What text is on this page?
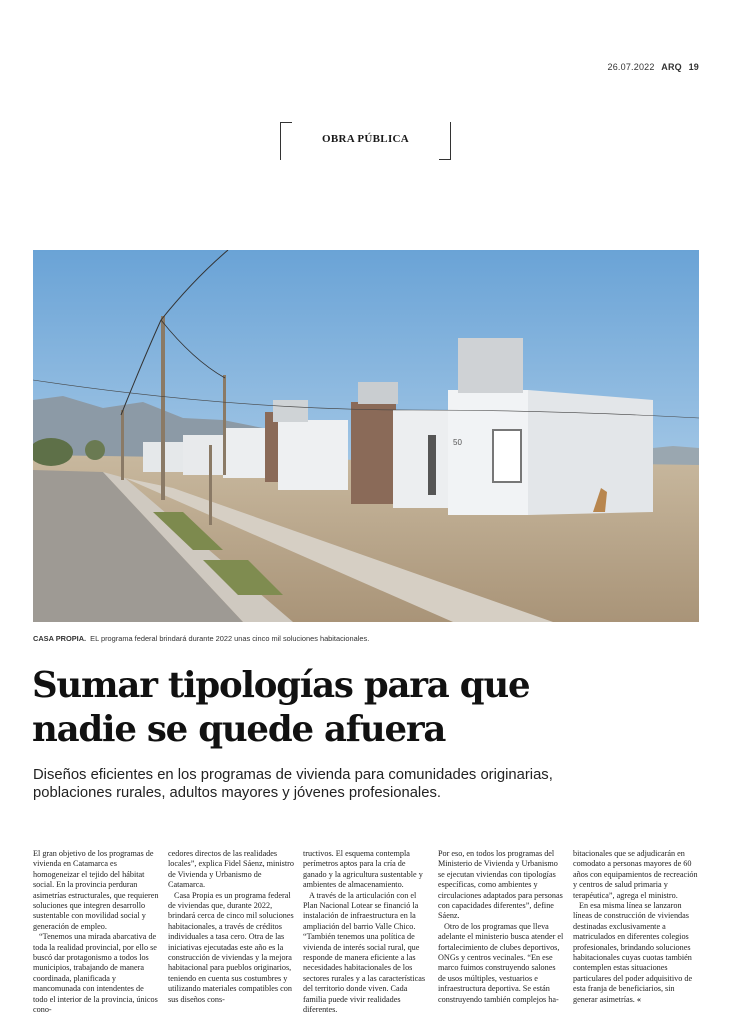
26.07.2022 ARQ 19
OBRA PÚBLICA
50
CASA PROPIA. EL programa federal brindará durante 2022 unas cinco mil soluciones habitacionales.
Sumar tipologías para que
nadie se quede afuera

Diseños eficientes en los programas de vivienda para comunidades originarias,
poblaciones rurales, adultos mayores y jóvenes profesionales.

El gran objetivo de los programas de vivienda en Catamarca es homogeneizar el tejido del hábitat social. En la provincia perduran asimetrías estructurales, que requieren soluciones que integren desarrollo sustentable con movilidad social y generación de empleo.

“Tenemos una mirada abarcativa de toda la realidad provincial, por ello se buscó dar protagonismo a todos los municipios, trabajando de manera coordinada, planificada y mancomunada con intendentes de todo el interior de la provincia, únicos cono-

cedores directos de las realidades locales”, explica Fidel Sáenz, ministro de Vivienda y Urbanismo de Catamarca.

Casa Propia es un programa federal de viviendas que, durante 2022, brindará cerca de cinco mil soluciones habitacionales, a través de créditos individuales a tasa cero. Otra de las iniciativas ejecutadas este año es la construcción de viviendas y la mejora habitacional para pueblos originarios, teniendo en cuenta sus costumbres y utilizando materiales compatibles con sus diseños cons-

tructivos. El esquema contempla perímetros aptos para la cría de ganado y la agricultura sustentable y ambientes de almacenamiento.

A través de la articulación con el Plan Nacional Lotear se financió la instalación de infraestructura en la ampliación del barrio Valle Chico. “También tenemos una política de vivienda de interés social rural, que responde de manera eficiente a las necesidades habitacionales de los sectores rurales y a las características del territorio donde viven. Cada familia puede vivir realidades diferentes.

Por eso, en todos los programas del Ministerio de Vivienda y Urbanismo se ejecutan viviendas con tipologías específicas, como ambientes y circulaciones adaptados para personas con capacidades diferentes”, define Sáenz.

Otro de los programas que lleva adelante el ministerio busca atender el fortalecimiento de clubes deportivos, ONGs y centros vecinales. “En ese marco fuimos construyendo salones de usos múltiples, vestuarios e infraestructura deportiva. Se están construyendo también complejos ha-

bitacionales que se adjudicarán en comodato a personas mayores de 60 años con equipamientos de recreación y centros de salud primaria y terapéutica”, agrega el ministro.

En esa misma línea se lanzaron líneas de construcción de viviendas destinadas exclusivamente a matriculados en diferentes colegios profesionales, brindando soluciones habitacionales cuyas cuotas también contemplen estas situaciones particulares del poder adquisitivo de esta franja de beneficiarios, sin generar asimetrías. «
